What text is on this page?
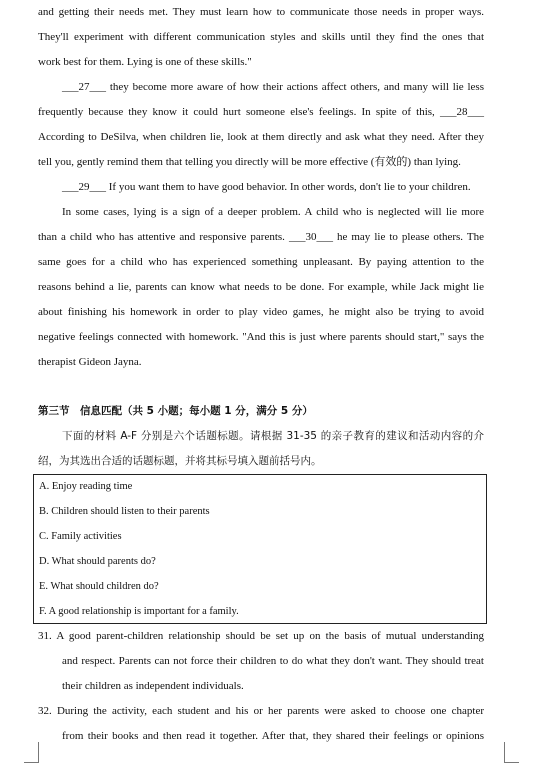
and getting their needs met. They must learn how to communicate those needs in proper ways.
They'll experiment with different communication styles and skills until they find the ones that
work best for them. Lying is one of these skills."
___27___ they become more aware of how their actions affect others, and many will lie less
frequently because they know it could hurt someone else's feelings. In spite of this, ___28___
According to DeSilva, when children lie, look at them directly and ask what they need. After they
tell you, gently remind them that telling you directly will be more effective (有效的) than lying.
___29___ If you want them to have good behavior. In other words, don't lie to your children.
In some cases, lying is a sign of a deeper problem. A child who is neglected will lie more
than a child who has attentive and responsive parents. ___30___ he may lie to please others. The
same goes for a child who has experienced something unpleasant. By paying attention to the
reasons behind a lie, parents can know what needs to be done. For example, while Jack might lie
about finishing his homework in order to play video games, he might also be trying to avoid
negative feelings connected with homework. "And this is just where parents should start," says the
therapist Gideon Jayna.
第三节　信息匹配（共 5 小题；每小题 1 分，满分 5 分）
下面的材料 A-F 分别是六个话题标题。请根据 31-35 的亲子教育的建议和活动内容的介
绍，为其选出合适的话题标题，并将其标号填入题前括号内。
A. Enjoy reading time
B. Children should listen to their parents
C. Family activities
D. What should parents do?
E. What should children do?
F. A good relationship is important for a family.
31. A good parent-children relationship should be set up on the basis of mutual understanding
and respect. Parents can not force their children to do what they don't want. They should treat
their children as independent individuals.
32. During the activity, each student and his or her parents were asked to choose one chapter
from their books and then read it together. After that, they shared their feelings or opinions
